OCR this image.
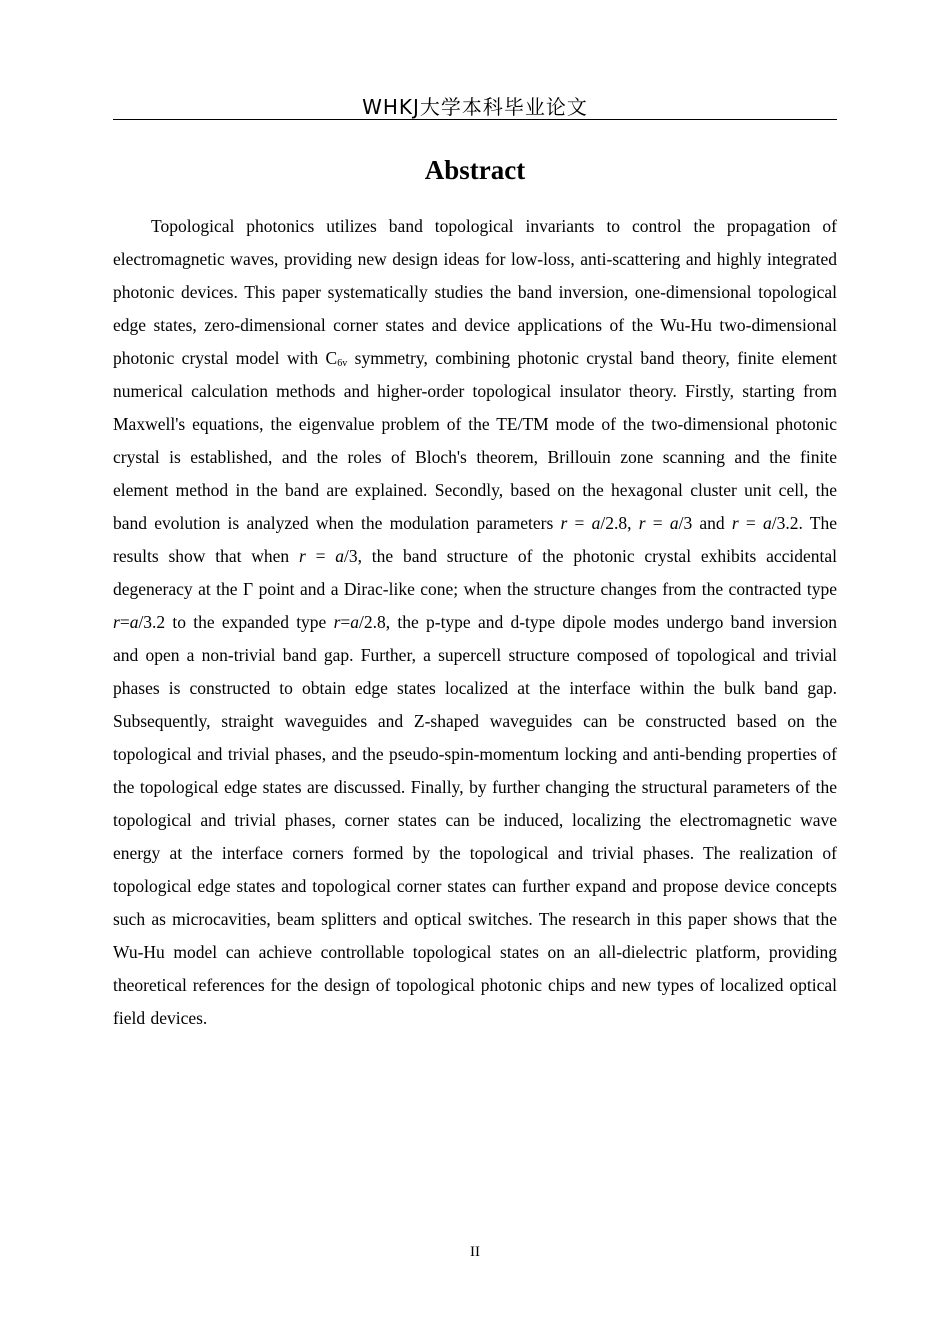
WHKJ大学本科毕业论文
Abstract

Topological photonics utilizes band topological invariants to control the propagation of electromagnetic waves, providing new design ideas for low-loss, anti-scattering and highly integrated photonic devices. This paper systematically studies the band inversion, one-dimensional topological edge states, zero-dimensional corner states and device applications of the Wu-Hu two-dimensional photonic crystal model with $C_{6v}$ symmetry, combining photonic crystal band theory, finite element numerical calculation methods and higher-order topological insulator theory. Firstly, starting from Maxwell's equations, the eigenvalue problem of the TE/TM mode of the two-dimensional photonic crystal is established, and the roles of Bloch's theorem, Brillouin zone scanning and the finite element method in the band are explained. Secondly, based on the hexagonal cluster unit cell, the band evolution is analyzed when the modulation parameters r = a/2.8, r = a/3 and r = a/3.2. The results show that when r = a/3, the band structure of the photonic crystal exhibits accidental degeneracy at the Γ point and a Dirac-like cone; when the structure changes from the contracted type r=a/3.2 to the expanded type r=a/2.8, the p-type and d-type dipole modes undergo band inversion and open a non-trivial band gap. Further, a supercell structure composed of topological and trivial phases is constructed to obtain edge states localized at the interface within the bulk band gap. Subsequently, straight waveguides and Z-shaped waveguides can be constructed based on the topological and trivial phases, and the pseudo-spin-momentum locking and anti-bending properties of the topological edge states are discussed. Finally, by further changing the structural parameters of the topological and trivial phases, corner states can be induced, localizing the electromagnetic wave energy at the interface corners formed by the topological and trivial phases. The realization of topological edge states and topological corner states can further expand and propose device concepts such as microcavities, beam splitters and optical switches. The research in this paper shows that the Wu-Hu model can achieve controllable topological states on an all-dielectric platform, providing theoretical references for the design of topological photonic chips and new types of localized optical field devices.

II
